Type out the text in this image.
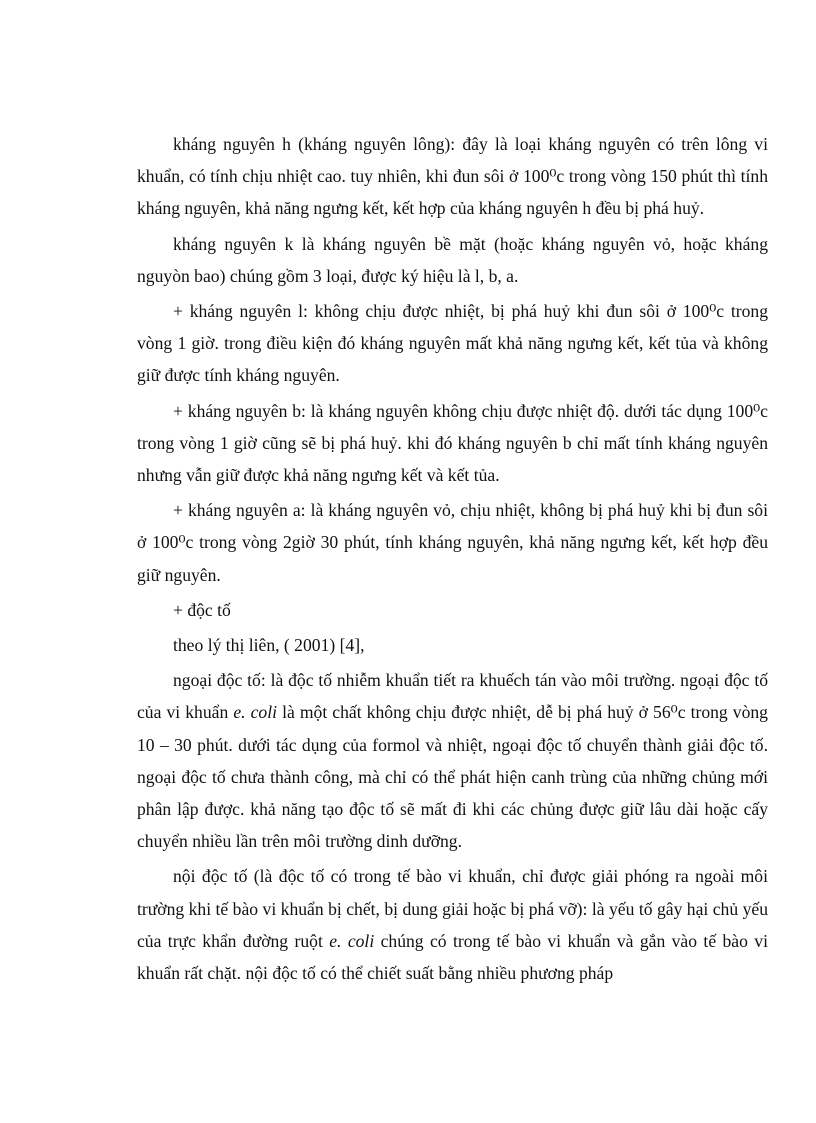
kháng nguyên h (kháng nguyên lông): đây là loại kháng nguyên có trên lông vi khuẩn, có tính chịu nhiệt cao. tuy nhiên, khi đun sôi ở 100⁰c trong vòng 150 phút thì tính kháng nguyên, khả năng ngưng kết, kết hợp của kháng nguyên h đều bị phá huỷ.

kháng nguyên k là kháng nguyên bề mặt (hoặc kháng nguyên vỏ, hoặc kháng nguyòn bao) chúng gồm 3 loại, được ký hiệu là l, b, a.

+ kháng nguyên l: không chịu được nhiệt, bị phá huỷ khi đun sôi ở 100⁰c trong vòng 1 giờ. trong điều kiện đó kháng nguyên mất khả năng ngưng kết, kết tủa và không giữ được tính kháng nguyên.

+ kháng nguyên b: là kháng nguyên không chịu được nhiệt độ. dưới tác dụng 100⁰c trong vòng 1 giờ cũng sẽ bị phá huỷ. khi đó kháng nguyên b chỉ mất tính kháng nguyên nhưng vẫn giữ được khả năng ngưng kết và kết tủa.

+ kháng nguyên a: là kháng nguyên vỏ, chịu nhiệt, không bị phá huỷ khi bị đun sôi ở 100⁰c trong vòng 2giờ 30 phút, tính kháng nguyên, khả năng ngưng kết, kết hợp đều giữ nguyên.

+ độc tố

theo lý thị liên, ( 2001) [4],

ngoại độc tố: là độc tố nhiễm khuẩn tiết ra khuếch tán vào môi trường. ngoại độc tố của vi khuẩn e. coli là một chất không chịu được nhiệt, dễ bị phá huỷ ở 56⁰c trong vòng 10 – 30 phút. dưới tác dụng của formol và nhiệt, ngoại độc tố chuyển thành giải độc tố. ngoại độc tố chưa thành công, mà chỉ có thể phát hiện canh trùng của những chủng mới phân lập được. khả năng tạo độc tố sẽ mất đi khi các chủng được giữ lâu dài hoặc cấy chuyển nhiều lần trên môi trường dinh dưỡng.

nội độc tố (là độc tố có trong tế bào vi khuẩn, chỉ được giải phóng ra ngoài môi trường khi tế bào vi khuẩn bị chết, bị dung giải hoặc bị phá vỡ): là yếu tố gây hại chủ yếu của trực khẩn đường ruột e. coli chúng có trong tế bào vi khuẩn và gắn vào tế bào vi khuẩn rất chặt. nội độc tố có thể chiết suất bằng nhiều phương pháp
